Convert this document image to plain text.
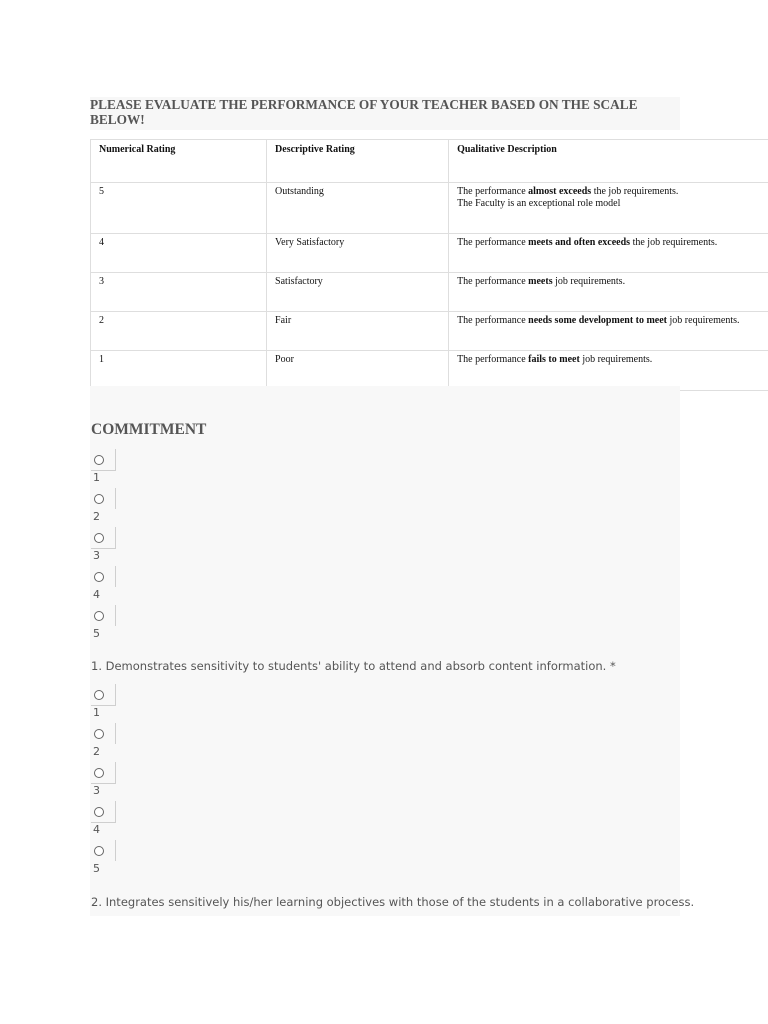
PLEASE EVALUATE THE PERFORMANCE OF YOUR TEACHER BASED ON THE SCALE BELOW!
Numerical Rating	Descriptive Rating	Qualitative Description

5	Outstanding	The performance almost exceeds the job requirements.
The Faculty is an exceptional role model

4	Very Satisfactory	The performance meets and often exceeds the job requirements.

3	Satisfactory	The performance meets job requirements.

2	Fair	The performance needs some development to meet job requirements.

1	Poor	The performance fails to meet job requirements.
COMMITMENT
1
2
3
4
5

1. Demonstrates sensitivity to students' ability to attend and absorb content information. *

1
2
3
4
5

2. Integrates sensitively his/her learning objectives with those of the students in a collaborative process.
